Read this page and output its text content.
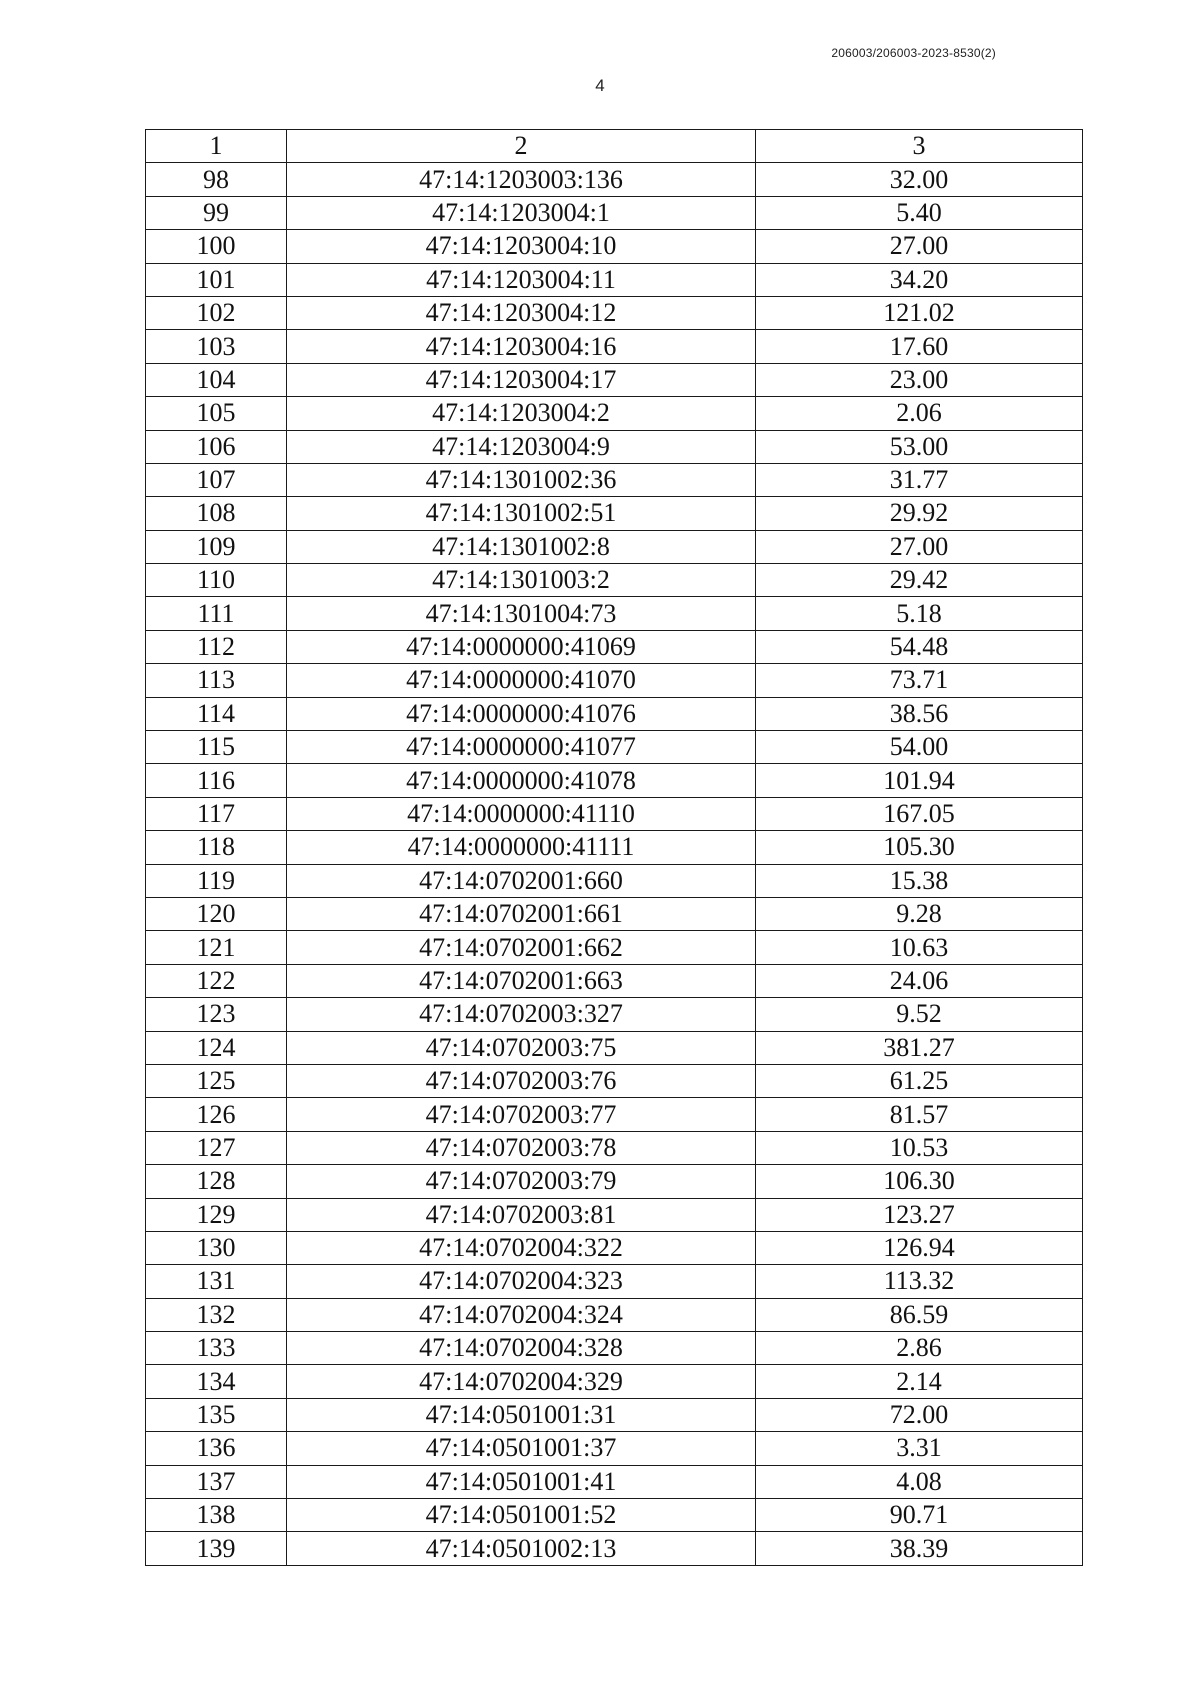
206003/206003-2023-8530(2)
4
1	2	3
98	47:14:1203003:136	32.00
99	47:14:1203004:1	5.40
100	47:14:1203004:10	27.00
101	47:14:1203004:11	34.20
102	47:14:1203004:12	121.02
103	47:14:1203004:16	17.60
104	47:14:1203004:17	23.00
105	47:14:1203004:2	2.06
106	47:14:1203004:9	53.00
107	47:14:1301002:36	31.77
108	47:14:1301002:51	29.92
109	47:14:1301002:8	27.00
110	47:14:1301003:2	29.42
111	47:14:1301004:73	5.18
112	47:14:0000000:41069	54.48
113	47:14:0000000:41070	73.71
114	47:14:0000000:41076	38.56
115	47:14:0000000:41077	54.00
116	47:14:0000000:41078	101.94
117	47:14:0000000:41110	167.05
118	47:14:0000000:41111	105.30
119	47:14:0702001:660	15.38
120	47:14:0702001:661	9.28
121	47:14:0702001:662	10.63
122	47:14:0702001:663	24.06
123	47:14:0702003:327	9.52
124	47:14:0702003:75	381.27
125	47:14:0702003:76	61.25
126	47:14:0702003:77	81.57
127	47:14:0702003:78	10.53
128	47:14:0702003:79	106.30
129	47:14:0702003:81	123.27
130	47:14:0702004:322	126.94
131	47:14:0702004:323	113.32
132	47:14:0702004:324	86.59
133	47:14:0702004:328	2.86
134	47:14:0702004:329	2.14
135	47:14:0501001:31	72.00
136	47:14:0501001:37	3.31
137	47:14:0501001:41	4.08
138	47:14:0501001:52	90.71
139	47:14:0501002:13	38.39
